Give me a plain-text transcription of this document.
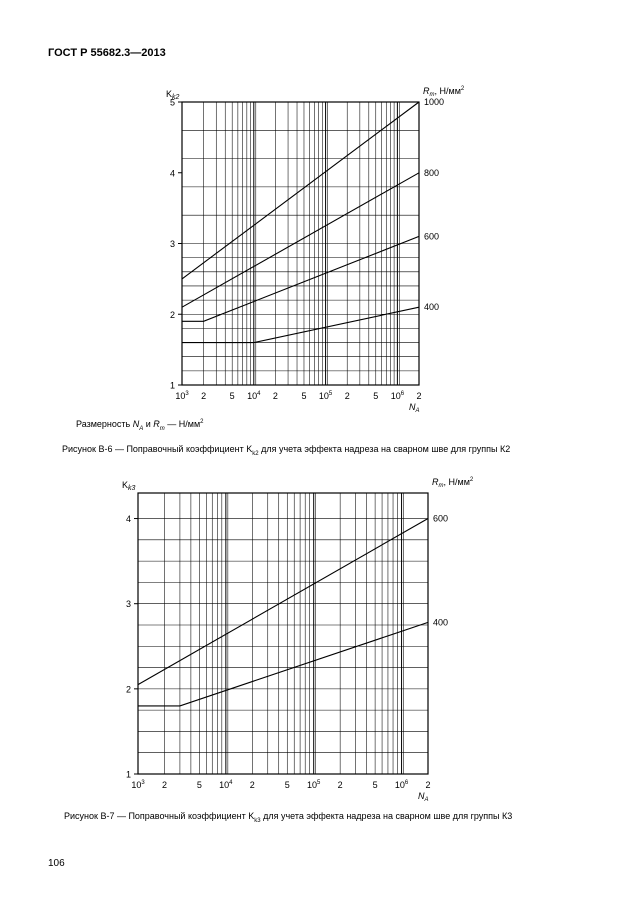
ГОСТ Р 55682.3—2013
1
2
3
4
5
$10^3$ 2	5 $10^4$ 2	5 $10^5$ 2	5 $10^6$ 2
$K_{k2}$
$N_A$
$R_m$, $Н/мм^2$
1000
800
600
400
1
2
3
4
$10^3$ 2	5 $10^4$ 2	5 $10^5$ 2	5 $10^6$ 2
$K_{k3}$
$N_A$
$R_m$, $Н/мм^2$
600
400
Размерность $N_A$ и $R_m$ — $Н/мм^2$
Рисунок В-6 — Поправочный коэффициент $K_{k2}$ для учета эффекта надреза на сварном шве для группы К2
Рисунок В-7 — Поправочный коэффициент $K_{k3}$ для учета эффекта надреза на сварном шве для группы К3
106
